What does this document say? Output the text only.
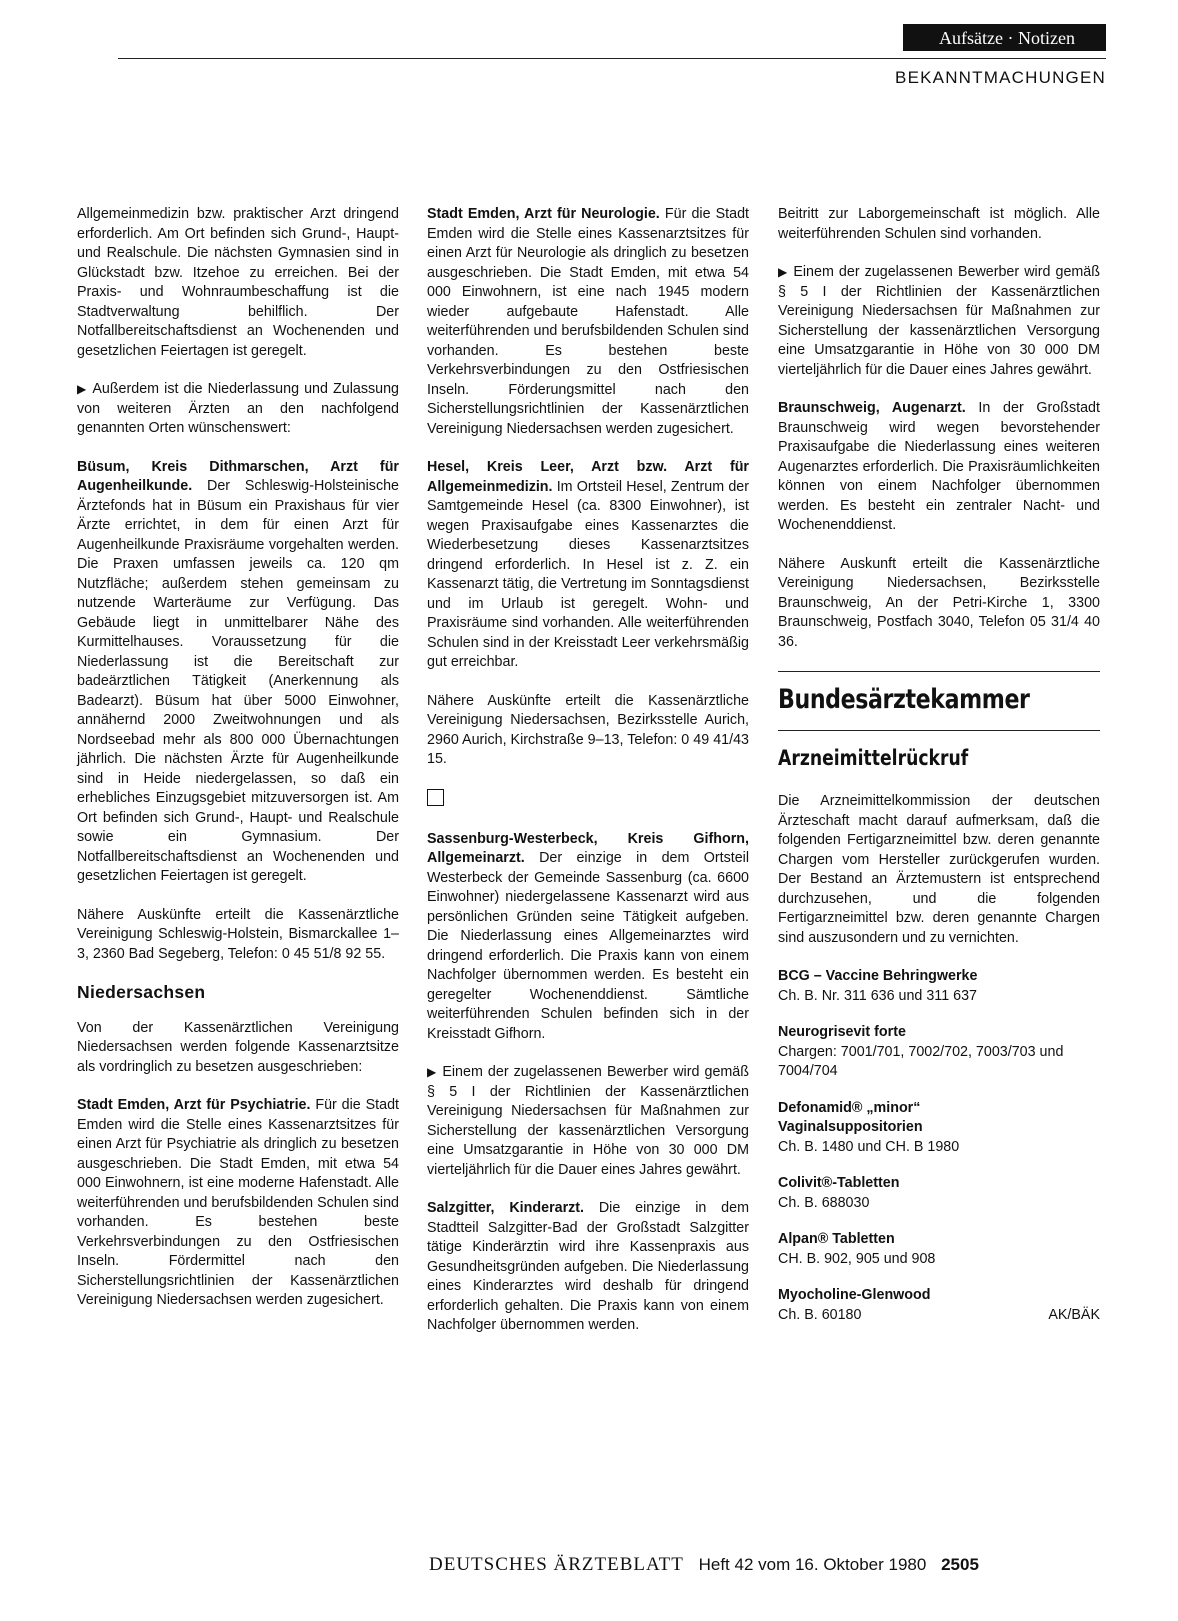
Aufsätze · Notizen
BEKANNTMACHUNGEN

Allgemeinmedizin bzw. praktischer Arzt dringend erforderlich. Am Ort befinden sich Grund-, Haupt- und Realschule. Die nächsten Gymnasien sind in Glückstadt bzw. Itzehoe zu erreichen. Bei der Praxis- und Wohnraumbeschaffung ist die Stadtverwaltung behilflich. Der Notfallbereitschaftsdienst an Wochenenden und gesetzlichen Feiertagen ist geregelt.

▶ Außerdem ist die Niederlassung und Zulassung von weiteren Ärzten an den nachfolgend genannten Orten wünschenswert:

Büsum, Kreis Dithmarschen, Arzt für Augenheilkunde. Der Schleswig-Holsteinische Ärztefonds hat in Büsum ein Praxishaus für vier Ärzte errichtet, in dem für einen Arzt für Augenheilkunde Praxisräume vorgehalten werden. Die Praxen umfassen jeweils ca. 120 qm Nutzfläche; außerdem stehen gemeinsam zu nutzende Warteräume zur Verfügung. Das Gebäude liegt in unmittelbarer Nähe des Kurmittelhauses. Voraussetzung für die Niederlassung ist die Bereitschaft zur badeärztlichen Tätigkeit (Anerkennung als Badearzt). Büsum hat über 5000 Einwohner, annähernd 2000 Zweitwohnungen und als Nordseebad mehr als 800 000 Übernachtungen jährlich. Die nächsten Ärzte für Augenheilkunde sind in Heide niedergelassen, so daß ein erhebliches Einzugsgebiet mitzuversorgen ist. Am Ort befinden sich Grund-, Haupt- und Realschule sowie ein Gymnasium. Der Notfallbereitschaftsdienst an Wochenenden und gesetzlichen Feiertagen ist geregelt.

Nähere Auskünfte erteilt die Kassenärztliche Vereinigung Schleswig-Holstein, Bismarckallee 1–3, 2360 Bad Segeberg, Telefon: 0 45 51/8 92 55.

Niedersachsen

Von der Kassenärztlichen Vereinigung Niedersachsen werden folgende Kassenarztsitze als vordringlich zu besetzen ausgeschrieben:

Stadt Emden, Arzt für Psychiatrie. Für die Stadt Emden wird die Stelle eines Kassenarztsitzes für einen Arzt für Psychiatrie als dringlich zu besetzen ausgeschrieben. Die Stadt Emden, mit etwa 54 000 Einwohnern, ist eine moderne Hafenstadt. Alle weiterführenden und berufsbildenden Schulen sind vorhanden. Es bestehen beste Verkehrsverbindungen zu den Ostfriesischen Inseln. Fördermittel nach den Sicherstellungsrichtlinien der Kassenärztlichen Vereinigung Niedersachsen werden zugesichert.

Stadt Emden, Arzt für Neurologie. Für die Stadt Emden wird die Stelle eines Kassenarztsitzes für einen Arzt für Neurologie als dringlich zu besetzen ausgeschrieben. Die Stadt Emden, mit etwa 54 000 Einwohnern, ist eine nach 1945 modern wieder aufgebaute Hafenstadt. Alle weiterführenden und berufsbildenden Schulen sind vorhanden. Es bestehen beste Verkehrsverbindungen zu den Ostfriesischen Inseln. Förderungsmittel nach den Sicherstellungsrichtlinien der Kassenärztlichen Vereinigung Niedersachsen werden zugesichert.

Hesel, Kreis Leer, Arzt bzw. Arzt für Allgemeinmedizin. Im Ortsteil Hesel, Zentrum der Samtgemeinde Hesel (ca. 8300 Einwohner), ist wegen Praxisaufgabe eines Kassenarztes die Wiederbesetzung dieses Kassenarztsitzes dringend erforderlich. In Hesel ist z. Z. ein Kassenarzt tätig, die Vertretung im Sonntagsdienst und im Urlaub ist geregelt. Wohn- und Praxisräume sind vorhanden. Alle weiterführenden Schulen sind in der Kreisstadt Leer verkehrsmäßig gut erreichbar.

Nähere Auskünfte erteilt die Kassenärztliche Vereinigung Niedersachsen, Bezirksstelle Aurich, 2960 Aurich, Kirchstraße 9–13, Telefon: 0 49 41/43 15.

Sassenburg-Westerbeck, Kreis Gifhorn, Allgemeinarzt. Der einzige in dem Ortsteil Westerbeck der Gemeinde Sassenburg (ca. 6600 Einwohner) niedergelassene Kassenarzt wird aus persönlichen Gründen seine Tätigkeit aufgeben. Die Niederlassung eines Allgemeinarztes wird dringend erforderlich. Die Praxis kann von einem Nachfolger übernommen werden. Es besteht ein geregelter Wochenenddienst. Sämtliche weiterführenden Schulen befinden sich in der Kreisstadt Gifhorn.

▶ Einem der zugelassenen Bewerber wird gemäß § 5 I der Richtlinien der Kassenärztlichen Vereinigung Niedersachsen für Maßnahmen zur Sicherstellung der kassenärztlichen Versorgung eine Umsatzgarantie in Höhe von 30 000 DM vierteljährlich für die Dauer eines Jahres gewährt.

Salzgitter, Kinderarzt. Die einzige in dem Stadtteil Salzgitter-Bad der Großstadt Salzgitter tätige Kinderärztin wird ihre Kassenpraxis aus Gesundheitsgründen aufgeben. Die Niederlassung eines Kinderarztes wird deshalb für dringend erforderlich gehalten. Die Praxis kann von einem Nachfolger übernommen werden.

Beitritt zur Laborgemeinschaft ist möglich. Alle weiterführenden Schulen sind vorhanden.

▶ Einem der zugelassenen Bewerber wird gemäß § 5 I der Richtlinien der Kassenärztlichen Vereinigung Niedersachsen für Maßnahmen zur Sicherstellung der kassenärztlichen Versorgung eine Umsatzgarantie in Höhe von 30 000 DM vierteljährlich für die Dauer eines Jahres gewährt.

Braunschweig, Augenarzt. In der Großstadt Braunschweig wird wegen bevorstehender Praxisaufgabe die Niederlassung eines weiteren Augenarztes erforderlich. Die Praxisräumlichkeiten können von einem Nachfolger übernommen werden. Es besteht ein zentraler Nacht- und Wochenenddienst.

Nähere Auskunft erteilt die Kassenärztliche Vereinigung Niedersachsen, Bezirksstelle Braunschweig, An der Petri-Kirche 1, 3300 Braunschweig, Postfach 3040, Telefon 05 31/4 40 36.

Bundesärztekammer
Arzneimittelrückruf

Die Arzneimittelkommission der deutschen Ärzteschaft macht darauf aufmerksam, daß die folgenden Fertigarzneimittel bzw. deren genannte Chargen vom Hersteller zurückgerufen wurden. Der Bestand an Ärztemustern ist entsprechend durchzusehen, und die folgenden Fertigarzneimittel bzw. deren genannte Chargen sind auszusondern und zu vernichten.

BCG – Vaccine Behringwerke
Ch. B. Nr. 311 636 und 311 637
Neurogrisevit forte
Chargen: 7001/701, 7002/702, 7003/703 und 7004/704
Defonamid® „minor“
Vaginalsuppositorien
Ch. B. 1480 und CH. B 1980
Colivit®-Tabletten
Ch. B. 688030
Alpan® Tabletten
CH. B. 902, 905 und 908
Myocholine-Glenwood
Ch. B. 60180	AK/BÄK
DEUTSCHES ÄRZTEBLATT Heft 42 vom 16. Oktober 1980 2505
